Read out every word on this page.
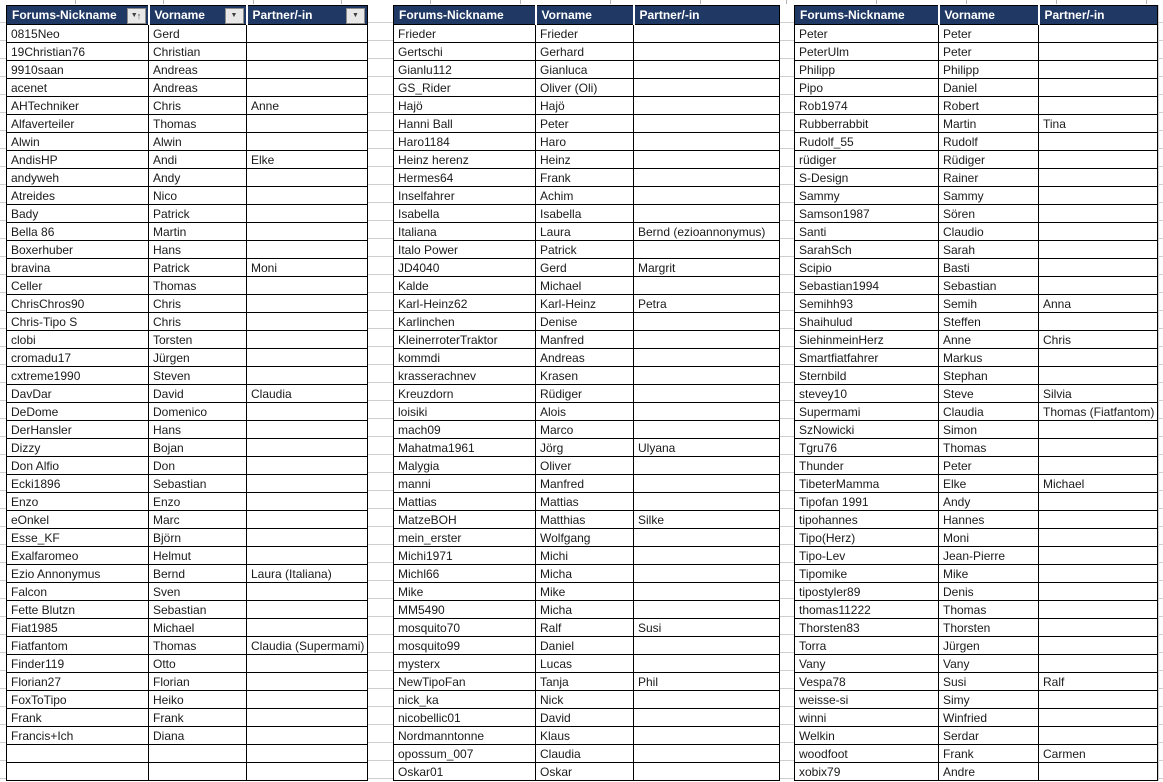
Forums-Nickname ▼ ↑	Vorname ▼	Partner/-in ▼

0815Neo	Gerd	
19Christian76	Christian	
9910saan	Andreas	
acenet	Andreas	
AHTechniker	Chris	Anne
Alfaverteiler	Thomas	
Alwin	Alwin	
AndisHP	Andi	Elke
andyweh	Andy	
Atreides	Nico	
Bady	Patrick	
Bella 86	Martin	
Boxerhuber	Hans	
bravina	Patrick	Moni
Celler	Thomas	
ChrisChros90	Chris	
Chris-Tipo S	Chris	
clobi	Torsten	
cromadu17	Jürgen	
cxtreme1990	Steven	
DavDar	David	Claudia
DeDome	Domenico	
DerHansler	Hans	
Dizzy	Bojan	
Don Alfio	Don	
Ecki1896	Sebastian	
Enzo	Enzo	
eOnkel	Marc	
Esse_KF	Björn	
Exalfaromeo	Helmut	
Ezio Annonymus	Bernd	Laura (Italiana)
Falcon	Sven	
Fette Blutzn	Sebastian	
Fiat1985	Michael	
Fiatfantom	Thomas	Claudia (Supermami)
Finder119	Otto	
Florian27	Florian	
FoxToTipo	Heiko	
Frank	Frank	
Francis+Ich	Diana	

Forums-Nickname	Vorname	Partner/-in
Frieder	Frieder	
Gertschi	Gerhard	
Gianlu112	Gianluca	
GS_Rider	Oliver (Oli)	
Hajö	Hajö	
Hanni Ball	Peter	
Haro1184	Haro	
Heinz herenz	Heinz	
Hermes64	Frank	
Inselfahrer	Achim	
Isabella	Isabella	
Italiana	Laura	Bernd (ezioannonymus)
Italo Power	Patrick	
JD4040	Gerd	Margrit
Kalde	Michael	
Karl-Heinz62	Karl-Heinz	Petra
Karlinchen	Denise	
KleinerroterTraktor	Manfred	
kommdi	Andreas	
krasserachnev	Krasen	
Kreuzdorn	Rüdiger	
loisiki	Alois	
mach09	Marco	
Mahatma1961	Jörg	Ulyana
Malygia	Oliver	
manni	Manfred	
Mattias	Mattias	
MatzeBOH	Matthias	Silke
mein_erster	Wolfgang	
Michi1971	Michi	
Michl66	Micha	
Mike	Mike	
MM5490	Micha	
mosquito70	Ralf	Susi
mosquito99	Daniel	
mysterx	Lucas	
NewTipoFan	Tanja	Phil
nick_ka	Nick	
nicobellic01	David	
Nordmanntonne	Klaus	
opossum_007	Claudia	
Oskar01	Oskar	
Forums-Nickname	Vorname	Partner/-in
Peter	Peter	
PeterUlm	Peter	
Philipp	Philipp	
Pipo	Daniel	
Rob1974	Robert	
Rubberrabbit	Martin	Tina
Rudolf_55	Rudolf	
rüdiger	Rüdiger	
S-Design	Rainer	
Sammy	Sammy	
Samson1987	Sören	
Santi	Claudio	
SarahSch	Sarah	
Scipio	Basti	
Sebastian1994	Sebastian	
Semihh93	Semih	Anna
Shaihulud	Steffen	
SiehinmeinHerz	Anne	Chris
Smartfiatfahrer	Markus	
Sternbild	Stephan	
stevey10	Steve	Silvia
Supermami	Claudia	Thomas (Fiatfantom)
SzNowicki	Simon	
Tgru76	Thomas	
Thunder	Peter	
TibeterMamma	Elke	Michael
Tipofan 1991	Andy	
tipohannes	Hannes	
Tipo(Herz)	Moni	
Tipo-Lev	Jean-Pierre	
Tipomike	Mike	
tipostyler89	Denis	
thomas11222	Thomas	
Thorsten83	Thorsten	
Torra	Jürgen	
Vany	Vany	
Vespa78	Susi	Ralf
weisse-si	Simy	
winni	Winfried	
Welkin	Serdar	
woodfoot	Frank	Carmen
xobix79	Andre	
